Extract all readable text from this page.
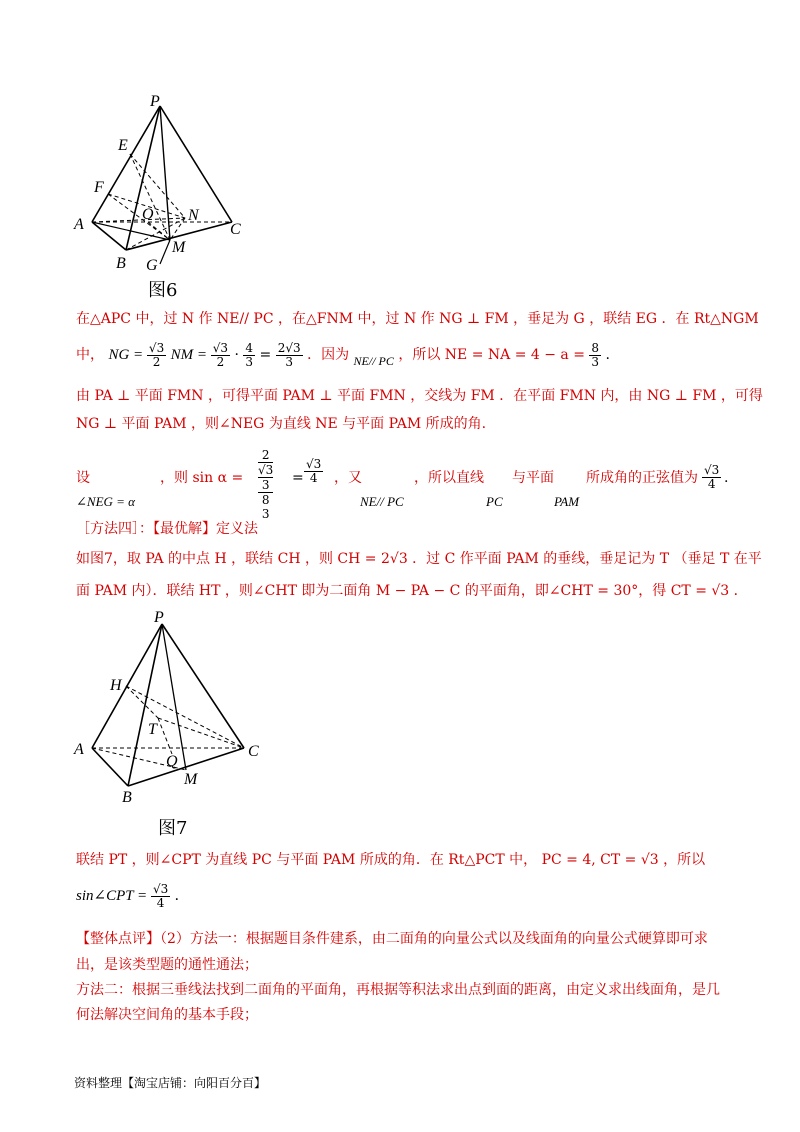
P
E
F
O N
A	C
B G
M
图6
在△APC 中，过 N 作 NE// PC ，在△FNM 中，过 N 作 NG ⊥ FM ，垂足为 G ，联结 EG ．在 Rt△NGM
中， NG = $\frac{√3}{2}$ NM = $\frac{√3}{2} \cdot \frac{4}{3} = \frac{2√3}{3}$ ．因为 NE// PC ，所以 NE = NA = $4 - a = \frac{8}{3}$ .
由 PA ⊥ 平面 FMN ，可得平面 PAM ⊥ 平面 FMN ，交线为 FM ．在平面 FMN 内，由 NG ⊥ FM ，可得
NG ⊥ 平面 PAM ，则∠NEG 为直线 NE 与平面 PAM 所成的角.
设
∠NEG = α
，则 sin α =
2
√3
3
8
3
= $\frac{√3}{4}$ ，又
NE// PC
，所以直线
PC
与平面
PAM
所成角的正弦值为 $\frac{√3}{4}$ .
［方法四］：【最优解】定义法
如图7，取 PA 的中点 H ，联结 CH ，则 CH = 2√3 ．过 C 作平面 PAM 的垂线，垂足记为 T （垂足 T 在平
面 PAM 内）．联结 HT ，则∠CHT 即为二面角 M − PA − C 的平面角，即∠CHT = 30°，得 CT = √3 ．
P
H
T
A
Q
C
M
B
图7
联结 PT ，则∠CPT 为直线 PC 与平面 PAM 所成的角．在 Rt△PCT 中， PC = 4, CT = √3 ，所以
sin∠CPT = $\frac{√3}{4}$ ．
【整体点评】（2）方法一：根据题目条件建系，由二面角的向量公式以及线面角的向量公式硬算即可求
出，是该类型题的通性通法；
方法二：根据三垂线法找到二面角的平面角，再根据等积法求出点到面的距离，由定义求出线面角，是几
何法解决空间角的基本手段；
资料整理【淘宝店铺：向阳百分百】
